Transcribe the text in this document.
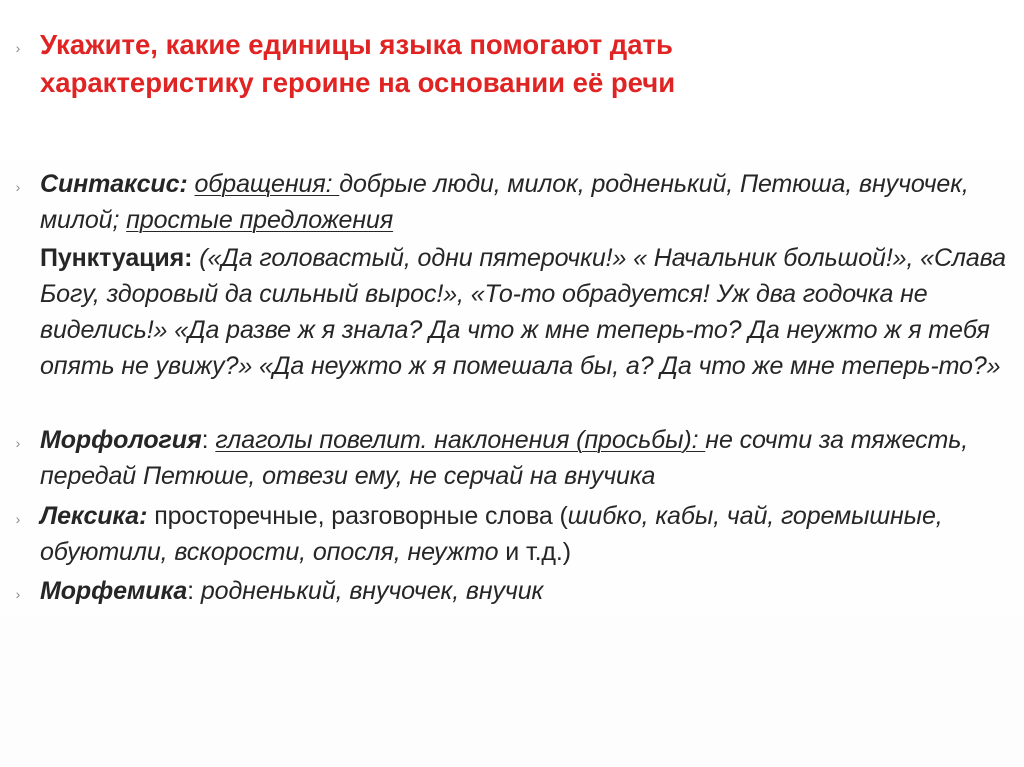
› Укажите, какие единицы языка помогают дать
характеристику героине на основании её речи
› Синтаксис: обращения: добрые люди, милок, родненький, Петюша, внучочек, милой; простые предложения
Пунктуация: («Да головастый, одни пятерочки!» « Начальник большой!», «Слава Богу, здоровый да сильный вырос!», «То-то обрадуется! Уж два годочка не виделись!» «Да разве ж я знала? Да что ж мне теперь-то? Да неужто ж я тебя опять не увижу?» «Да неужто ж я помешала бы, а? Да что же мне теперь-то?»
› Морфология: глаголы повелит. наклонения (просьбы): не сочти за тяжесть, передай Петюше, отвези ему, не серчай на внучика
› Лексика: просторечные, разговорные слова (шибко, кабы, чай, горемышные, обуютили, вскорости, опосля, неужто и т.д.)
› Морфемика: родненький, внучочек, внучик
